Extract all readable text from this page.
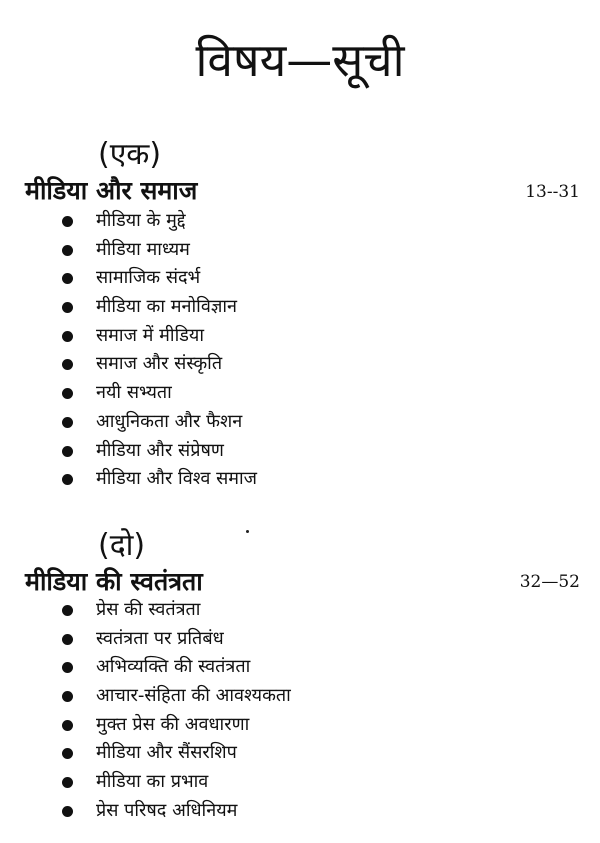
विषय—सूची
(एक)
मीडिया और समाज	13--31
मीडिया के मुद्दे
मीडिया माध्यम
सामाजिक संदर्भ
मीडिया का मनोविज्ञान
समाज में मीडिया
समाज और संस्कृति
नयी सभ्यता
आधुनिकता और फैशन
मीडिया और संप्रेषण
मीडिया और विश्व समाज
(दो)
मीडिया की स्वतंत्रता	32—52
प्रेस की स्वतंत्रता
स्वतंत्रता पर प्रतिबंध
अभिव्यक्ति की स्वतंत्रता
आचार-संहिता की आवश्यकता
मुक्त प्रेस की अवधारणा
मीडिया और सैंसरशिप
मीडिया का प्रभाव
प्रेस परिषद अधिनियम
